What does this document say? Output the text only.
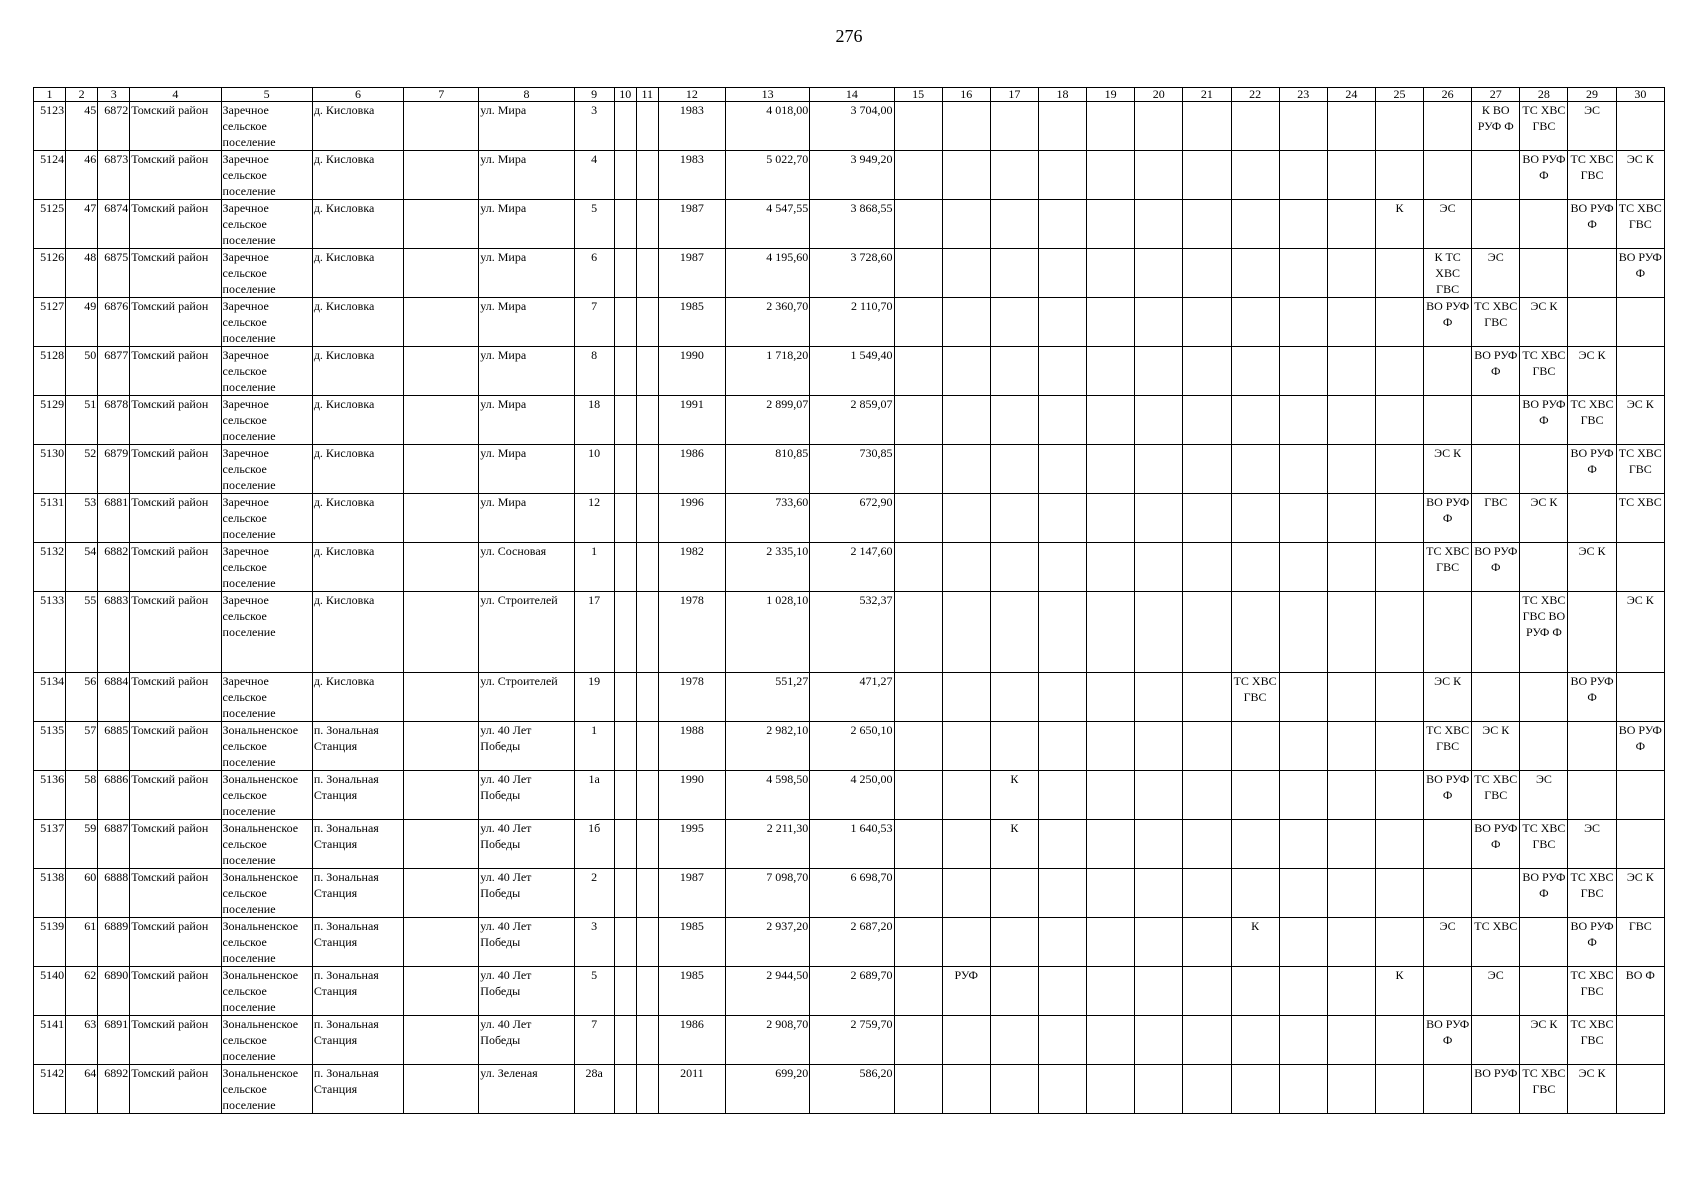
276
1	2	3	4	5	6	7	8	9	10	11	12	13	14	15	16	17	18	19	20	21	22	23	24	25	26	27	28	29	30
5123	45	6872	Томский район	Заречное сельское поселение	д. Кисловка		ул. Мира	3			1983	4 018,00	3 704,00													К ВО РУФ Ф	ТС ХВС ГВС	ЭС	
5124	46	6873	Томский район	Заречное сельское поселение	д. Кисловка		ул. Мира	4			1983	5 022,70	3 949,20														ВО РУФ Ф	ТС ХВС ГВС	ЭС К
5125	47	6874	Томский район	Заречное сельское поселение	д. Кисловка		ул. Мира	5			1987	4 547,55	3 868,55											К	ЭС			ВО РУФ Ф	ТС ХВС ГВС
5126	48	6875	Томский район	Заречное сельское поселение	д. Кисловка		ул. Мира	6			1987	4 195,60	3 728,60												К ТС ХВС ГВС	ЭС			ВО РУФ Ф
5127	49	6876	Томский район	Заречное сельское поселение	д. Кисловка		ул. Мира	7			1985	2 360,70	2 110,70												ВО РУФ Ф	ТС ХВС ГВС	ЭС К		
5128	50	6877	Томский район	Заречное сельское поселение	д. Кисловка		ул. Мира	8			1990	1 718,20	1 549,40													ВО РУФ Ф	ТС ХВС ГВС	ЭС К	
5129	51	6878	Томский район	Заречное сельское поселение	д. Кисловка		ул. Мира	18			1991	2 899,07	2 859,07														ВО РУФ Ф	ТС ХВС ГВС	ЭС К
5130	52	6879	Томский район	Заречное сельское поселение	д. Кисловка		ул. Мира	10			1986	810,85	730,85												ЭС К			ВО РУФ Ф	ТС ХВС ГВС
5131	53	6881	Томский район	Заречное сельское поселение	д. Кисловка		ул. Мира	12			1996	733,60	672,90												ВО РУФ Ф	ГВС	ЭС К		ТС ХВС
5132	54	6882	Томский район	Заречное сельское поселение	д. Кисловка		ул. Сосновая	1			1982	2 335,10	2 147,60												ТС ХВС ГВС	ВО РУФ Ф		ЭС К	
5133	55	6883	Томский район	Заречное сельское поселение	д. Кисловка		ул. Строителей	17			1978	1 028,10	532,37														ТС ХВС ГВС ВО РУФ Ф		ЭС К
5134	56	6884	Томский район	Заречное сельское поселение	д. Кисловка		ул. Строителей	19			1978	551,27	471,27								ТС ХВС ГВС				ЭС К			ВО РУФ Ф	
5135	57	6885	Томский район	Зональненское сельское поселение	п. Зональная Станция		ул. 40 Лет Победы	1			1988	2 982,10	2 650,10												ТС ХВС ГВС	ЭС К			ВО РУФ Ф
5136	58	6886	Томский район	Зональненское сельское поселение	п. Зональная Станция		ул. 40 Лет Победы	1а			1990	4 598,50	4 250,00			К									ВО РУФ Ф	ТС ХВС ГВС	ЭС		
5137	59	6887	Томский район	Зональненское сельское поселение	п. Зональная Станция		ул. 40 Лет Победы	1б			1995	2 211,30	1 640,53			К										ВО РУФ Ф	ТС ХВС ГВС	ЭС	
5138	60	6888	Томский район	Зональненское сельское поселение	п. Зональная Станция		ул. 40 Лет Победы	2			1987	7 098,70	6 698,70														ВО РУФ Ф	ТС ХВС ГВС	ЭС К
5139	61	6889	Томский район	Зональненское сельское поселение	п. Зональная Станция		ул. 40 Лет Победы	3			1985	2 937,20	2 687,20								К				ЭС	ТС ХВС		ВО РУФ Ф	ГВС
5140	62	6890	Томский район	Зональненское сельское поселение	п. Зональная Станция		ул. 40 Лет Победы	5			1985	2 944,50	2 689,70		РУФ									К		ЭС		ТС ХВС ГВС	ВО Ф
5141	63	6891	Томский район	Зональненское сельское поселение	п. Зональная Станция		ул. 40 Лет Победы	7			1986	2 908,70	2 759,70												ВО РУФ Ф		ЭС К	ТС ХВС ГВС	
5142	64	6892	Томский район	Зональненское сельское поселение	п. Зональная Станция		ул. Зеленая	28а			2011	699,20	586,20													ВО РУФ	ТС ХВС ГВС	ЭС К	
